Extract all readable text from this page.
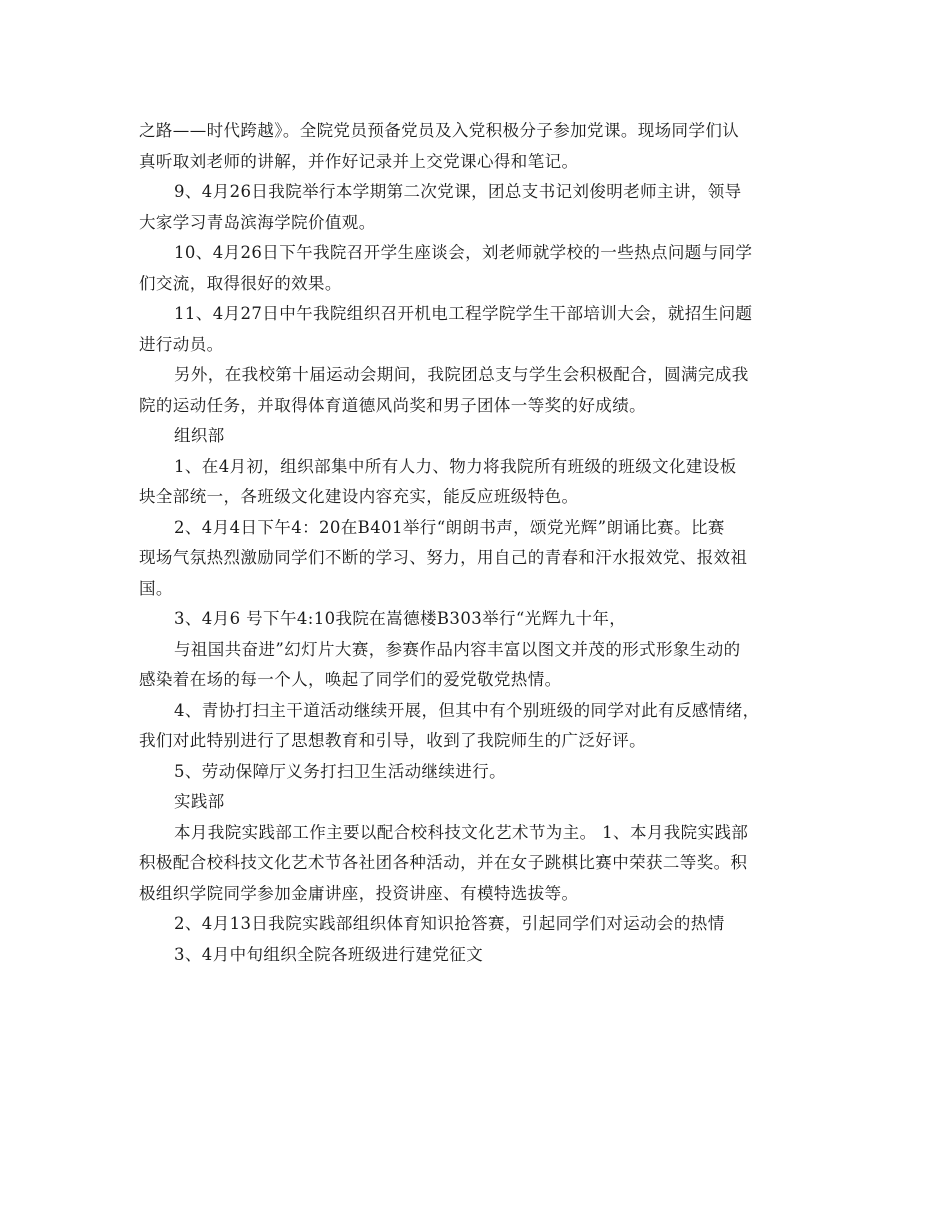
之路——时代跨越》。全院党员预备党员及入党积极分子参加党课。现场同学们认
真听取刘老师的讲解，并作好记录并上交党课心得和笔记。
9、4月26日我院举行本学期第二次党课，团总支书记刘俊明老师主讲，领导
大家学习青岛滨海学院价值观。
10、4月26日下午我院召开学生座谈会，刘老师就学校的一些热点问题与同学
们交流，取得很好的效果。
11、4月27日中午我院组织召开机电工程学院学生干部培训大会，就招生问题
进行动员。
另外，在我校第十届运动会期间，我院团总支与学生会积极配合，圆满完成我
院的运动任务，并取得体育道德风尚奖和男子团体一等奖的好成绩。
组织部
1、在4月初，组织部集中所有人力、物力将我院所有班级的班级文化建设板
块全部统一，各班级文化建设内容充实，能反应班级特色。
2、4月4日下午4：20在B401举行“朗朗书声，颂党光辉”朗诵比赛。比赛
现场气氛热烈激励同学们不断的学习、努力，用自己的青春和汗水报效党、报效祖
国。
3、4月6 号下午4:10我院在嵩德楼B303举行“光辉九十年，
与祖国共奋进”幻灯片大赛，参赛作品内容丰富以图文并茂的形式形象生动的
感染着在场的每一个人，唤起了同学们的爱党敬党热情。
4、青协打扫主干道活动继续开展，但其中有个别班级的同学对此有反感情绪，
我们对此特别进行了思想教育和引导，收到了我院师生的广泛好评。
5、劳动保障厅义务打扫卫生活动继续进行。
实践部
本月我院实践部工作主要以配合校科技文化艺术节为主。 1、本月我院实践部
积极配合校科技文化艺术节各社团各种活动，并在女子跳棋比赛中荣获二等奖。积
极组织学院同学参加金庸讲座，投资讲座、有模特选拔等。
2、4月13日我院实践部组织体育知识抢答赛，引起同学们对运动会的热情
3、4月中旬组织全院各班级进行建党征文
